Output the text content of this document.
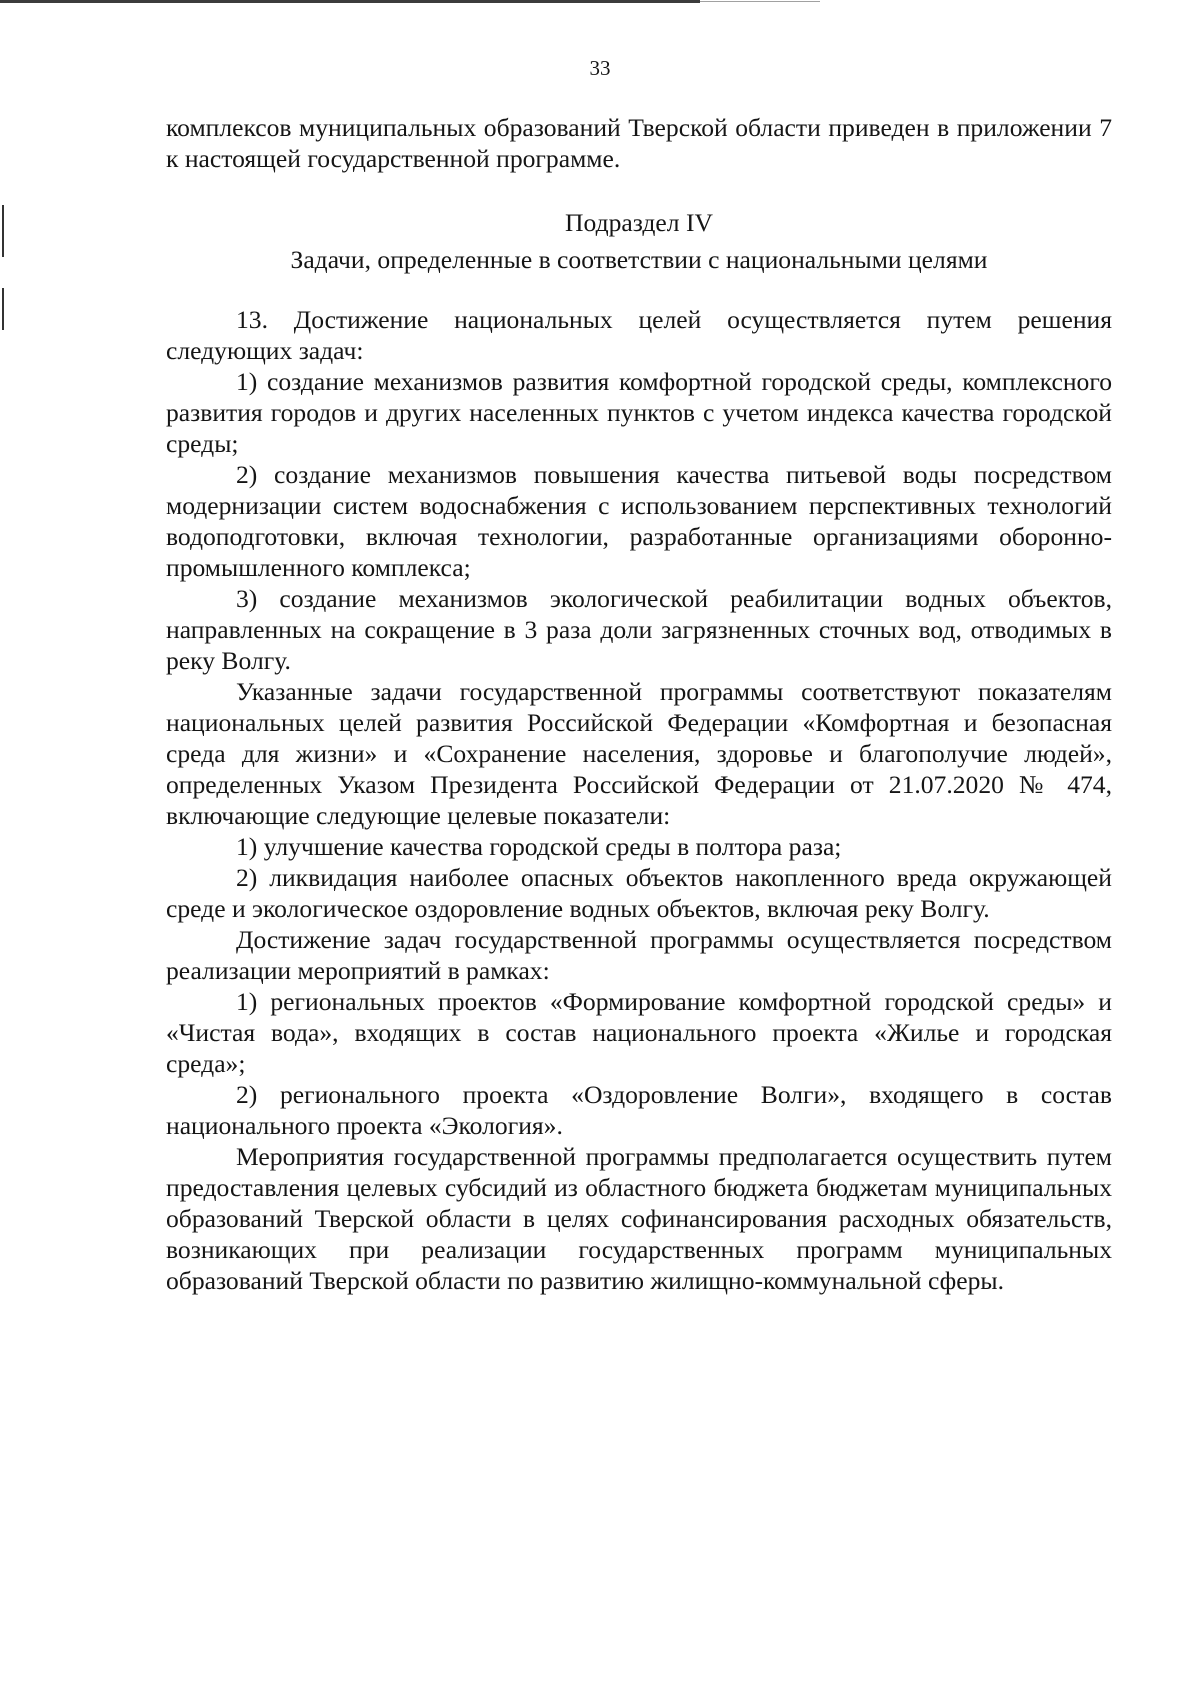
33

комплексов муниципальных образований Тверской области приведен в приложении 7 к настоящей государственной программе.

Подраздел IV
Задачи, определенные в соответствии с национальными целями

13. Достижение национальных целей осуществляется путем решения следующих задач:

1) создание механизмов развития комфортной городской среды, комплексного развития городов и других населенных пунктов с учетом индекса качества городской среды;

2) создание механизмов повышения качества питьевой воды посредством модернизации систем водоснабжения с использованием перспективных технологий водоподготовки, включая технологии, разработанные организациями оборонно-промышленного комплекса;

3) создание механизмов экологической реабилитации водных объектов, направленных на сокращение в 3 раза доли загрязненных сточных вод, отводимых в реку Волгу.

Указанные задачи государственной программы соответствуют показателям национальных целей развития Российской Федерации «Комфортная и безопасная среда для жизни» и «Сохранение населения, здоровье и благополучие людей», определенных Указом Президента Российской Федерации от 21.07.2020 № 474, включающие следующие целевые показатели:

1) улучшение качества городской среды в полтора раза;

2) ликвидация наиболее опасных объектов накопленного вреда окружающей среде и экологическое оздоровление водных объектов, включая реку Волгу.

Достижение задач государственной программы осуществляется посредством реализации мероприятий в рамках:

1) региональных проектов «Формирование комфортной городской среды» и «Чистая вода», входящих в состав национального проекта «Жилье и городская среда»;

2) регионального проекта «Оздоровление Волги», входящего в состав национального проекта «Экология».

Мероприятия государственной программы предполагается осуществить путем предоставления целевых субсидий из областного бюджета бюджетам муниципальных образований Тверской области в целях софинансирования расходных обязательств, возникающих при реализации государственных программ муниципальных образований Тверской области по развитию жилищно-коммунальной сферы.
